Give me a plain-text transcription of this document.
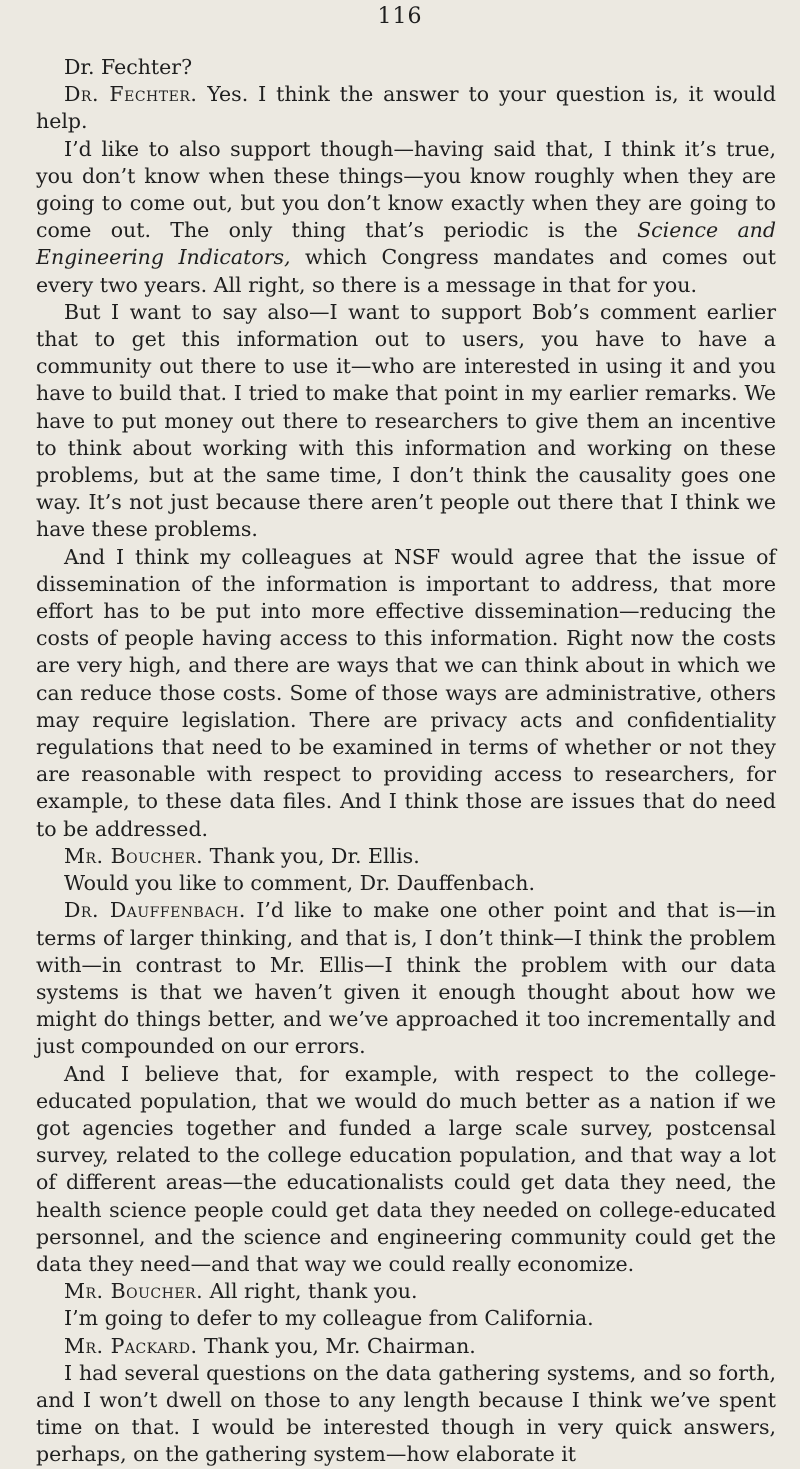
116

Dr. Fechter?

Dr. Fechter. Yes. I think the answer to your question is, it would help.

I’d like to also support though—having said that, I think it’s true, you don’t know when these things—you know roughly when they are going to come out, but you don’t know exactly when they are going to come out. The only thing that’s periodic is the Science and Engineering Indicators, which Congress mandates and comes out every two years. All right, so there is a message in that for you.

But I want to say also—I want to support Bob’s comment earlier that to get this information out to users, you have to have a community out there to use it—who are interested in using it and you have to build that. I tried to make that point in my earlier remarks. We have to put money out there to researchers to give them an incentive to think about working with this information and working on these problems, but at the same time, I don’t think the causality goes one way. It’s not just because there aren’t people out there that I think we have these problems.

And I think my colleagues at NSF would agree that the issue of dissemination of the information is important to address, that more effort has to be put into more effective dissemination—reducing the costs of people having access to this information. Right now the costs are very high, and there are ways that we can think about in which we can reduce those costs. Some of those ways are administrative, others may require legislation. There are privacy acts and confidentiality regulations that need to be examined in terms of whether or not they are reasonable with respect to providing access to researchers, for example, to these data files. And I think those are issues that do need to be addressed.

Mr. Boucher. Thank you, Dr. Ellis.

Would you like to comment, Dr. Dauffenbach.

Dr. Dauffenbach. I’d like to make one other point and that is—in terms of larger thinking, and that is, I don’t think—I think the problem with—in contrast to Mr. Ellis—I think the problem with our data systems is that we haven’t given it enough thought about how we might do things better, and we’ve approached it too incrementally and just compounded on our errors.

And I believe that, for example, with respect to the college-educated population, that we would do much better as a nation if we got agencies together and funded a large scale survey, postcensal survey, related to the college education population, and that way a lot of different areas—the educationalists could get data they need, the health science people could get data they needed on college-educated personnel, and the science and engineering community could get the data they need—and that way we could really economize.

Mr. Boucher. All right, thank you.

I’m going to defer to my colleague from California.

Mr. Packard. Thank you, Mr. Chairman.

I had several questions on the data gathering systems, and so forth, and I won’t dwell on those to any length because I think we’ve spent time on that. I would be interested though in very quick answers, perhaps, on the gathering system—how elaborate it
